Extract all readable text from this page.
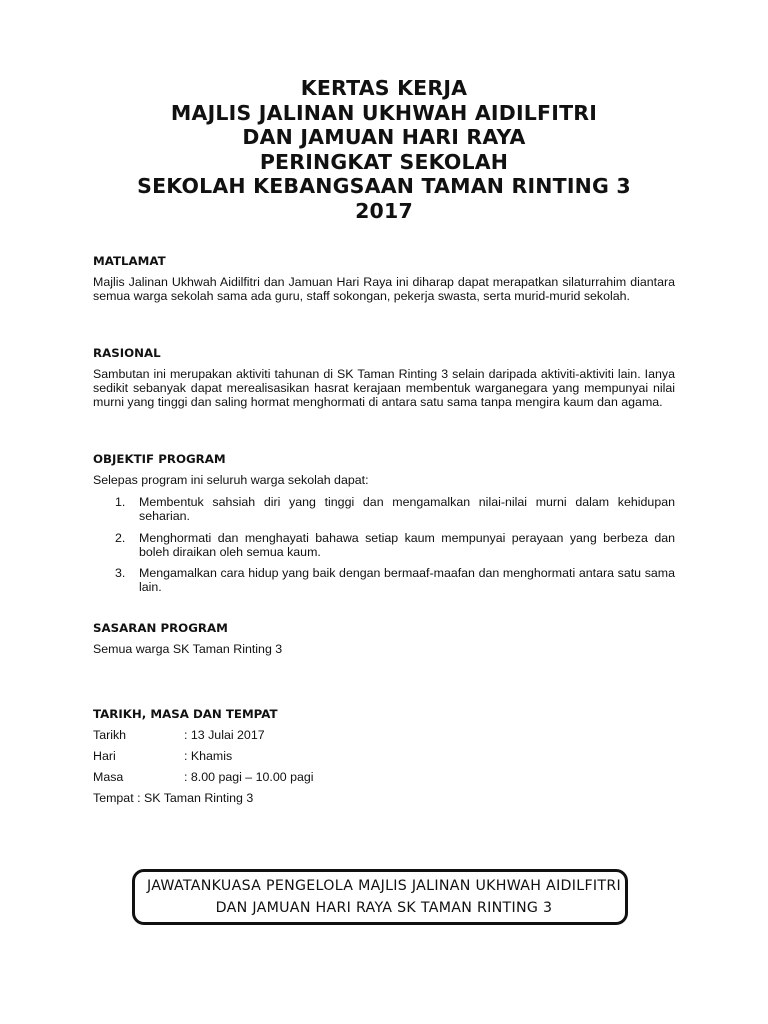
KERTAS KERJA
MAJLIS JALINAN UKHWAH AIDILFITRI
DAN JAMUAN HARI RAYA
PERINGKAT SEKOLAH
SEKOLAH KEBANGSAAN TAMAN RINTING 3
2017
MATLAMAT

Majlis Jalinan Ukhwah Aidilfitri dan Jamuan Hari Raya ini diharap dapat merapatkan silaturrahim diantara semua warga sekolah sama ada guru, staff sokongan, pekerja swasta, serta murid-murid sekolah.

RASIONAL

Sambutan ini merupakan aktiviti tahunan di SK Taman Rinting 3 selain daripada aktiviti-aktiviti lain. Ianya sedikit sebanyak dapat merealisasikan hasrat kerajaan membentuk warganegara yang mempunyai nilai murni yang tinggi dan saling hormat menghormati di antara satu sama tanpa mengira kaum dan agama.

OBJEKTIF PROGRAM

Selepas program ini seluruh warga sekolah dapat:

1. Membentuk sahsiah diri yang tinggi dan mengamalkan nilai-nilai murni dalam kehidupan seharian.
2. Menghormati dan menghayati bahawa setiap kaum mempunyai perayaan yang berbeza dan boleh diraikan oleh semua kaum.
3. Mengamalkan cara hidup yang baik dengan bermaaf-maafan dan menghormati antara satu sama lain.
SASARAN PROGRAM

Semua warga SK Taman Rinting 3

TARIKH, MASA DAN TEMPAT
Tarikh	: 13 Julai 2017
Hari	: Khamis
Masa	: 8.00 pagi – 10.00 pagi
Tempat : SK Taman Rinting 3
JAWATANKUASA PENGELOLA MAJLIS JALINAN UKHWAH AIDILFITRI
DAN JAMUAN HARI RAYA SK TAMAN RINTING 3
